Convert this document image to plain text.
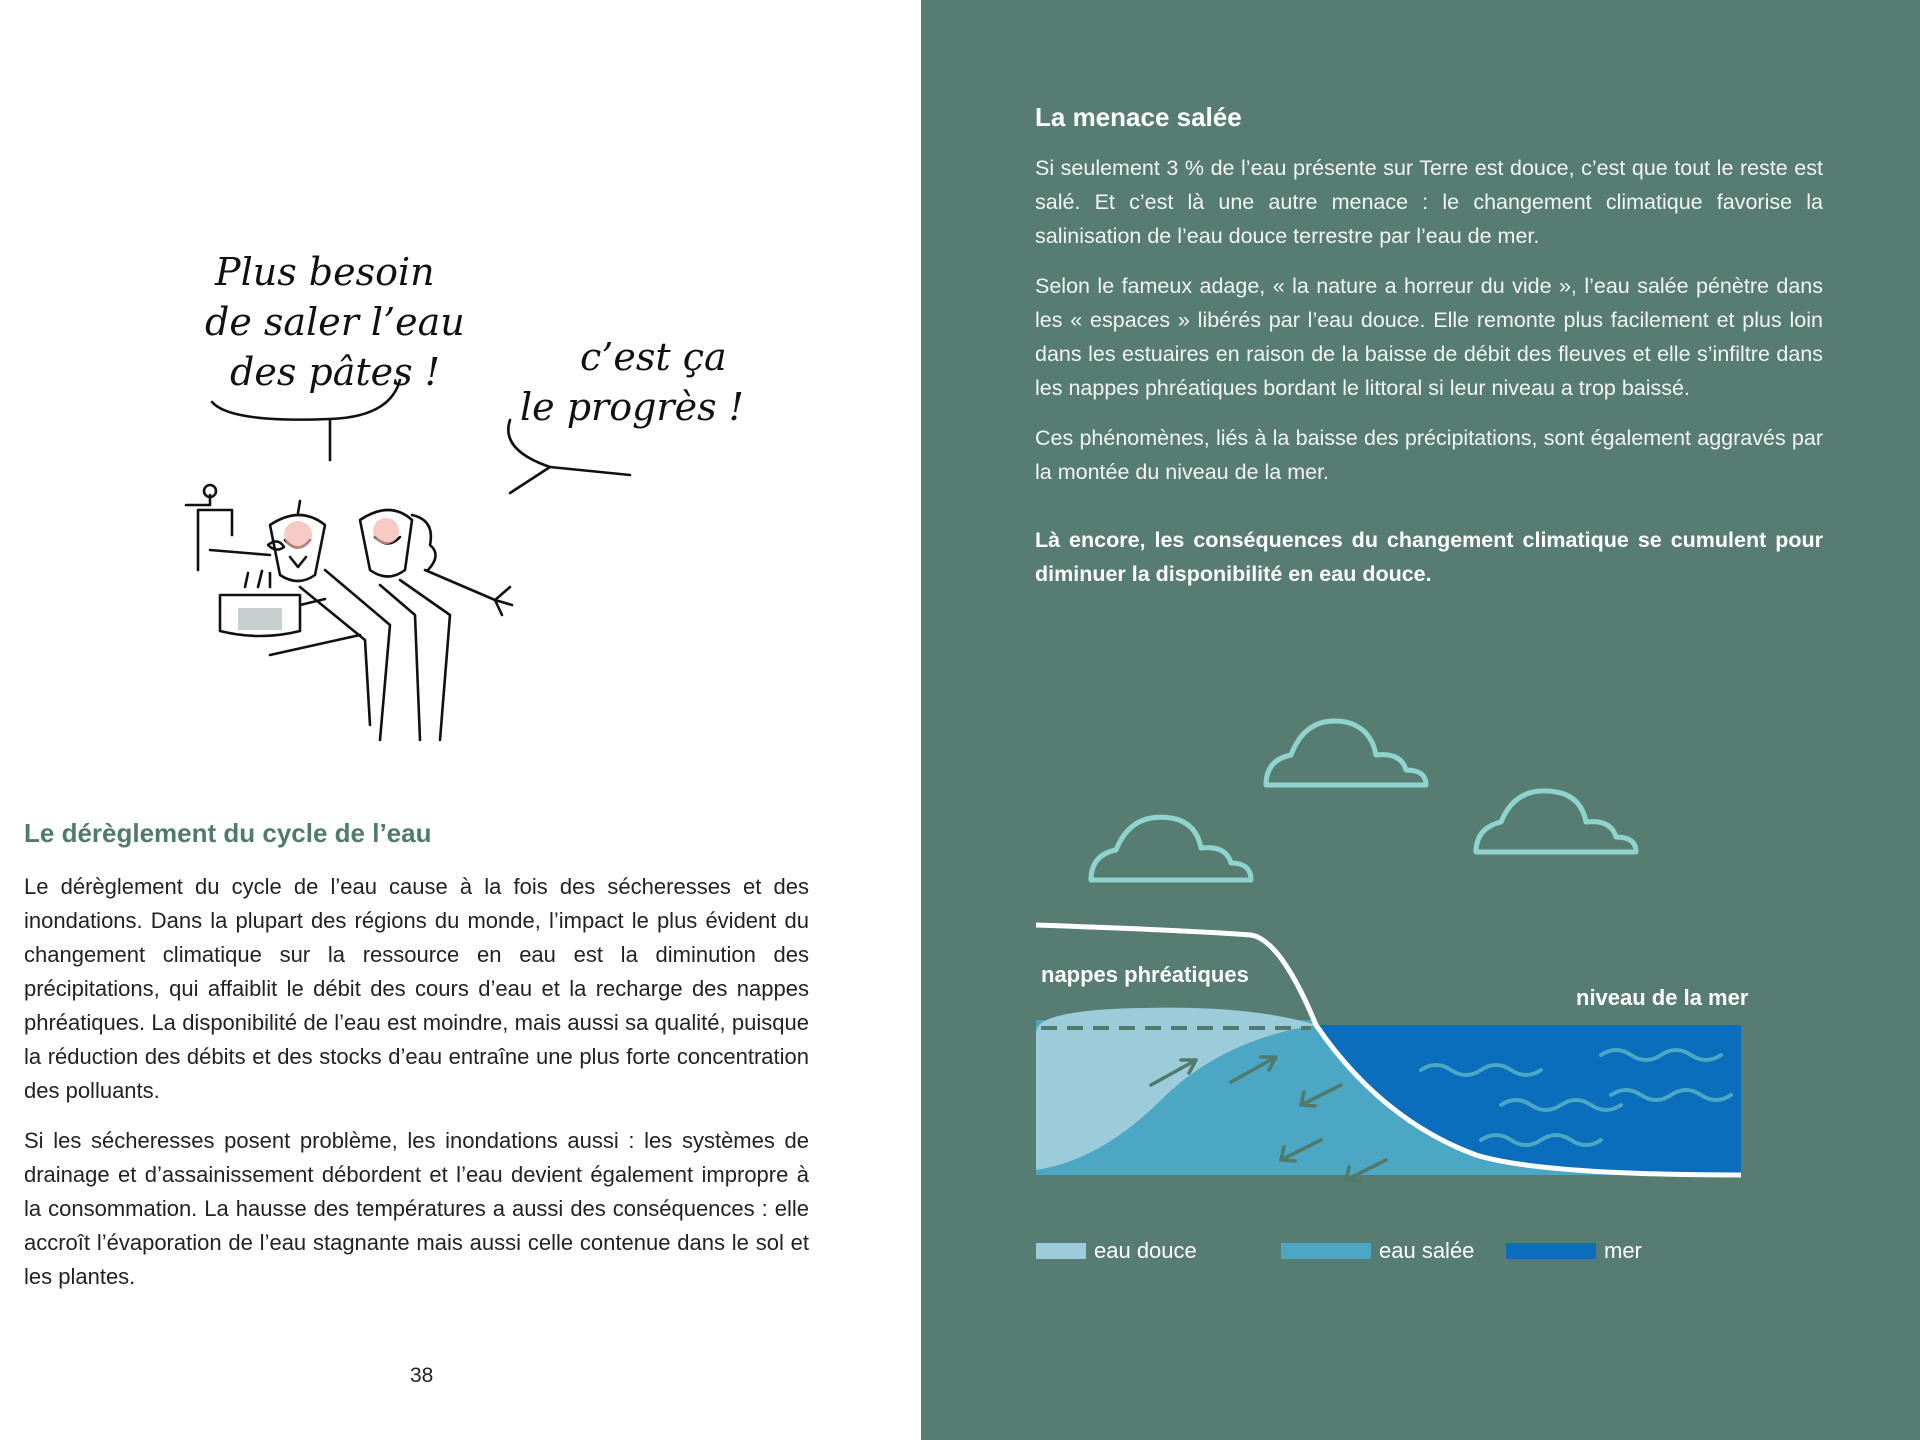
Plus besoin de saler l’eau des pâtes !	c’est ça le progrès !
Le dérèglement du cycle de l’eau

Le dérèglement du cycle de l’eau cause à la fois des sécheresses et des inondations. Dans la plupart des régions du monde, l’impact le plus évident du changement climatique sur la ressource en eau est la diminution des précipitations, qui affaiblit le débit des cours d’eau et la recharge des nappes phréatiques. La disponibilité de l’eau est moindre, mais aussi sa qualité, puisque la réduction des débits et des stocks d’eau entraîne une plus forte concentration des polluants.

Si les sécheresses posent problème, les inondations aussi : les systèmes de drainage et d’assainissement débordent et l’eau devient également impropre à la consommation. La hausse des températures a aussi des conséquences : elle accroît l’évaporation de l’eau stagnante mais aussi celle contenue dans le sol et les plantes.

38
La menace salée

Si seulement 3 % de l’eau présente sur Terre est douce, c’est que tout le reste est salé. Et c’est là une autre menace : le changement climatique favorise la salinisation de l’eau douce terrestre par l’eau de mer.

Selon le fameux adage, « la nature a horreur du vide », l’eau salée pénètre dans les « espaces » libérés par l’eau douce. Elle remonte plus facilement et plus loin dans les estuaires en raison de la baisse de débit des fleuves et elle s’infiltre dans les nappes phréatiques bordant le littoral si leur niveau a trop baissé.

Ces phénomènes, liés à la baisse des précipitations, sont également aggravés par la montée du niveau de la mer.

Là encore, les conséquences du changement climatique se cumulent pour diminuer la disponibilité en eau douce.

nappes phréatiques
niveau de la mer
eau douce	eau salée	mer
